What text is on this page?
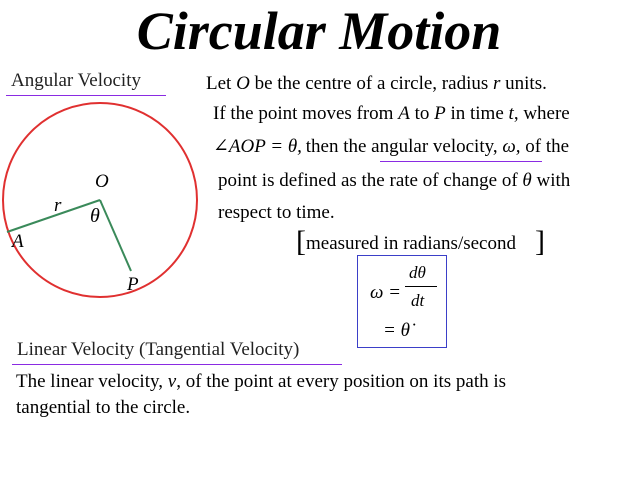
Circular Motion
Angular Velocity
O
r θ
A
P
Let O be the centre of a circle, radius r units.
If the point moves from A to P in time t, where
∠AOP = θ,  then the angular velocity, ω, of the
point is defined as the rate of change of θ with
respect to time.
[ measured in radians/second ]
ω =
dθ
dt
= θ̇
Linear Velocity (Tangential Velocity)
The linear velocity, v, of the point at every position on its path is
tangential to the circle.
